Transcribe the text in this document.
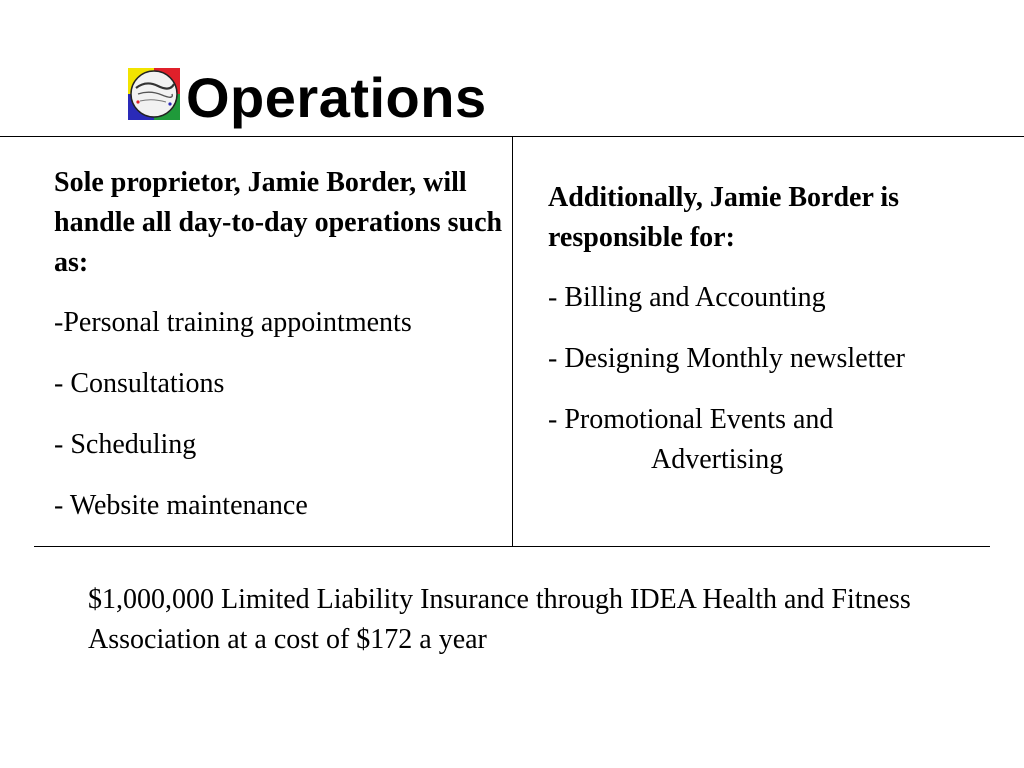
Operations

Sole proprietor, Jamie Border, will handle all day-to-day operations such as:

-Personal training appointments

- Consultations

- Scheduling

- Website maintenance

Additionally, Jamie Border is responsible for:

- Billing and Accounting

- Designing Monthly newsletter

- Promotional Events and

Advertising

$1,000,000 Limited Liability Insurance through IDEA Health and Fitness Association at a cost of $172 a year
